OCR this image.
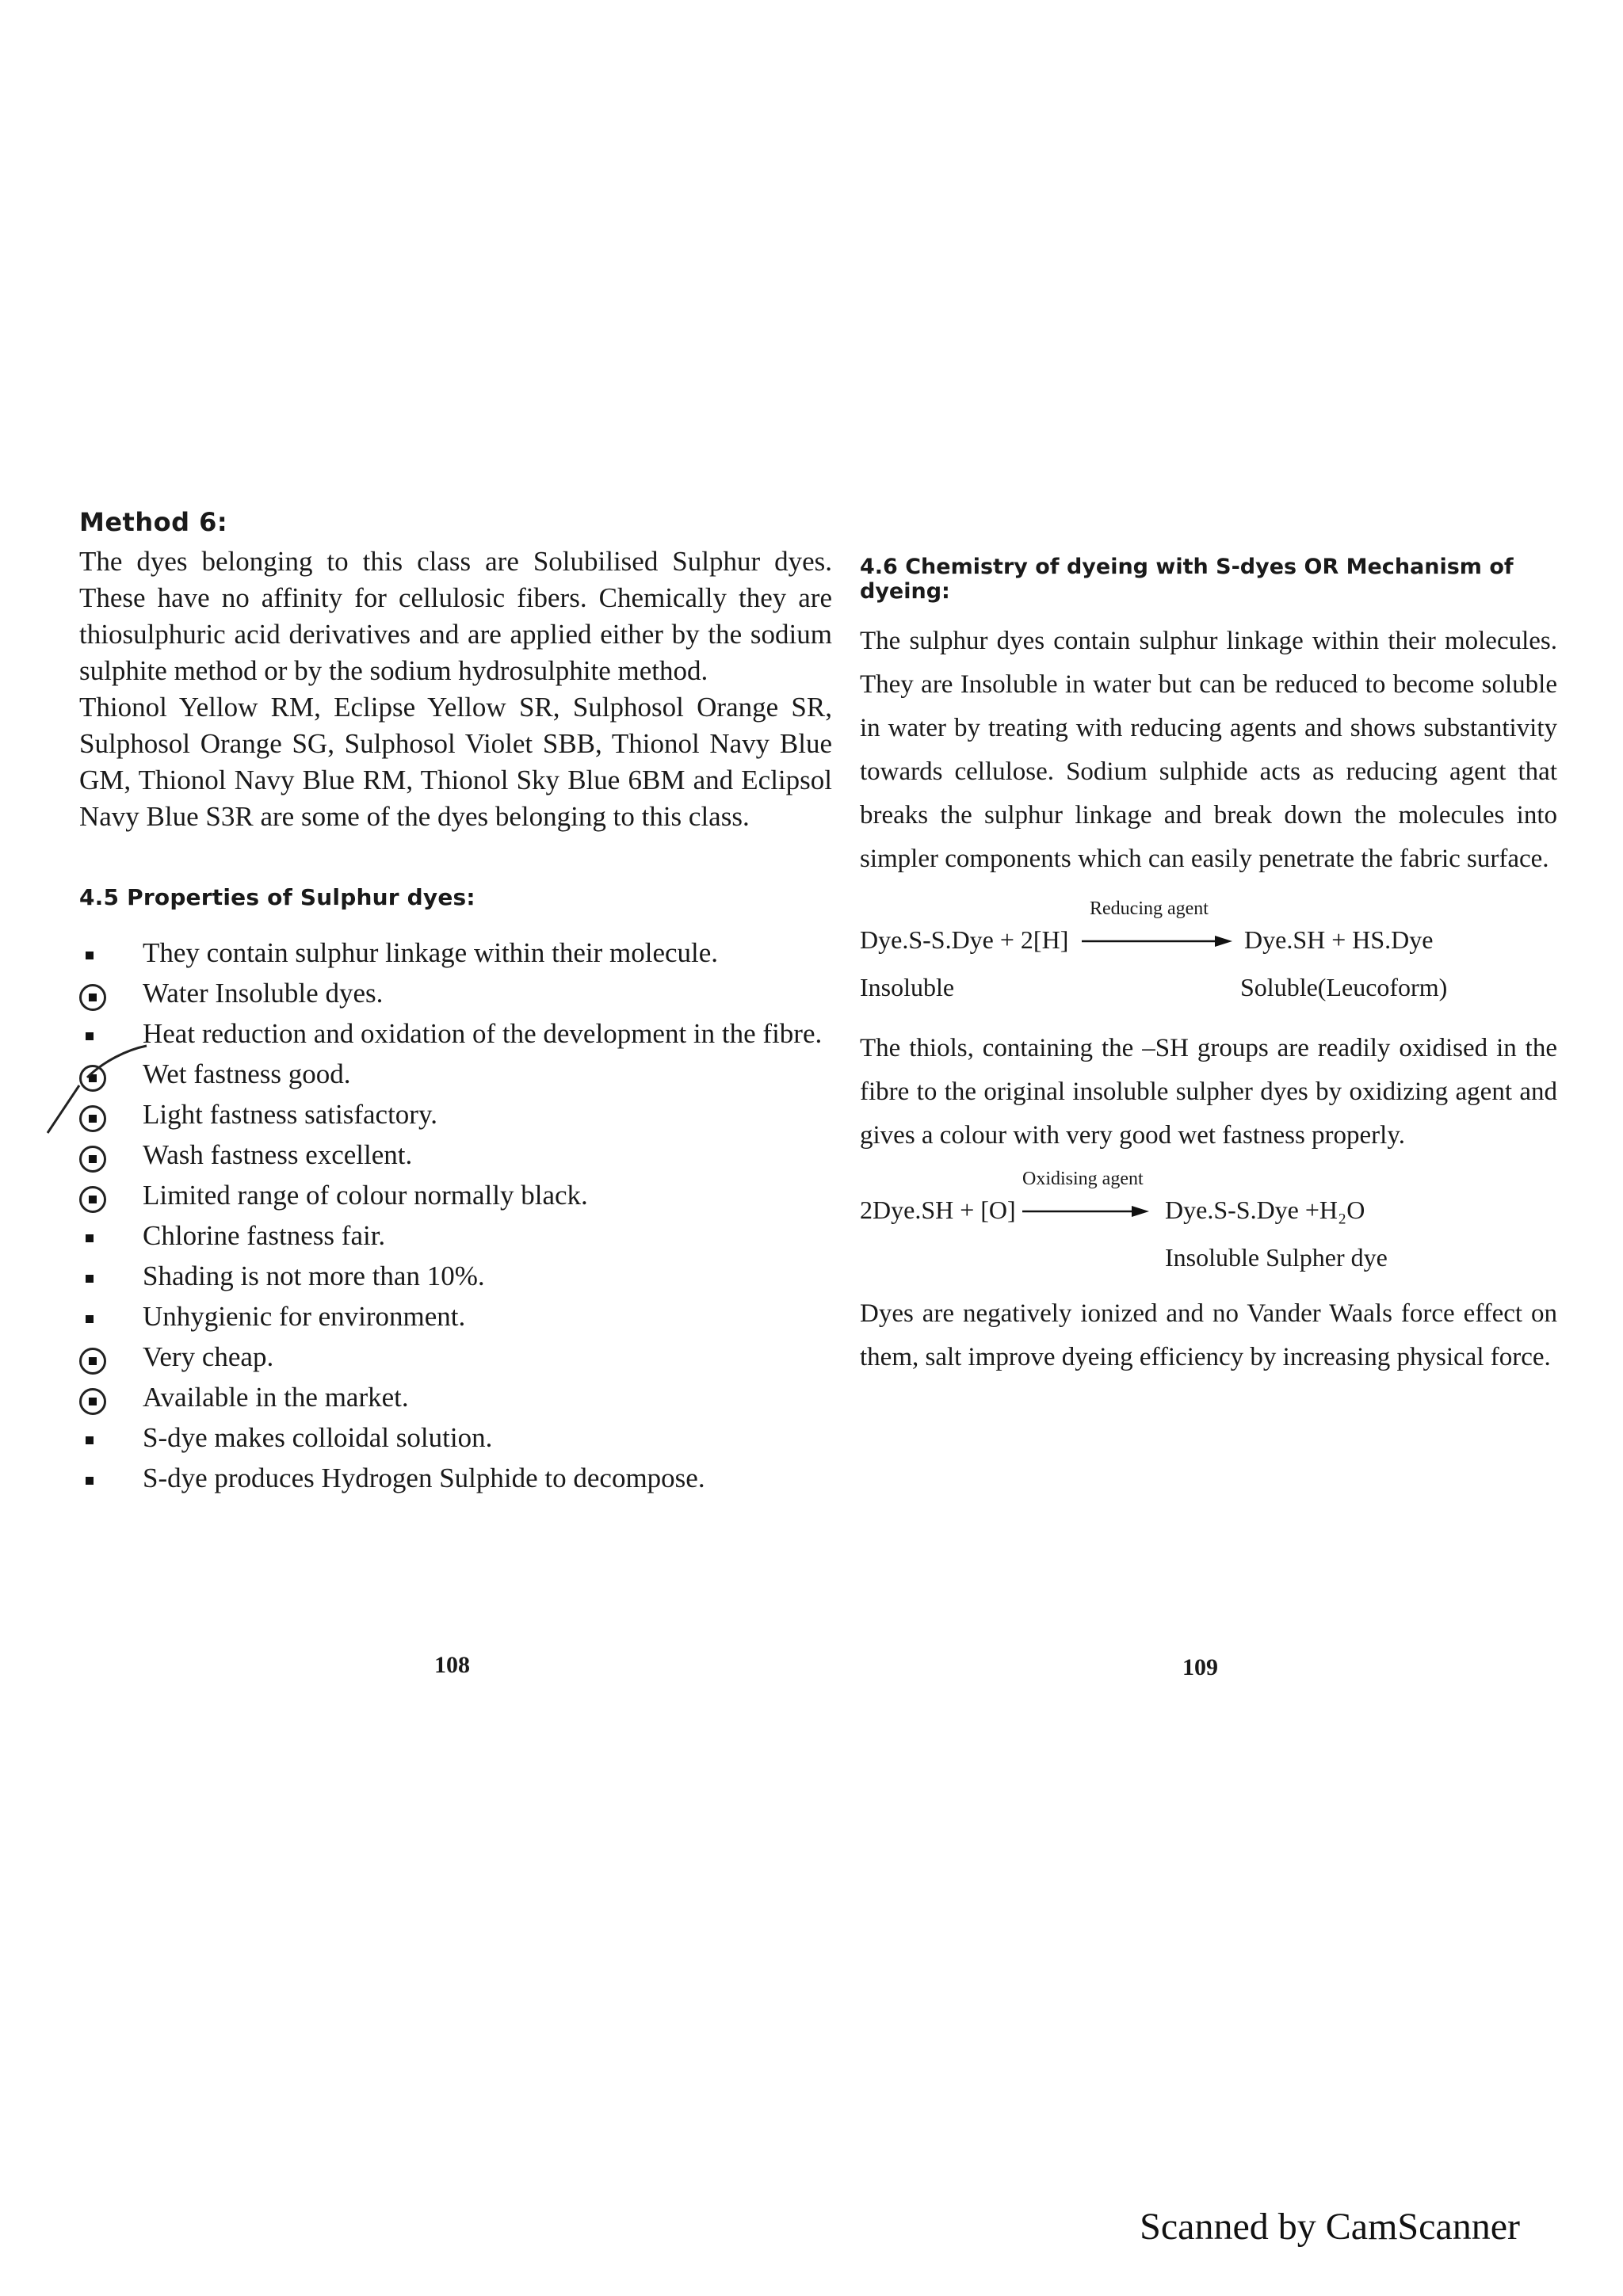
Method 6:

The dyes belonging to this class are Solubilised Sulphur dyes. These have no affinity for cellulosic fibers. Chemically they are thiosulphuric acid derivatives and are applied either by the sodium sulphite method or by the sodium hydrosulphite method.

Thionol Yellow RM, Eclipse Yellow SR, Sulphosol Orange SR, Sulphosol Orange SG, Sulphosol Violet SBB, Thionol Navy Blue GM, Thionol Navy Blue RM, Thionol Sky Blue 6BM and Eclipsol Navy Blue S3R are some of the dyes belonging to this class.

4.5 Properties of Sulphur dyes:
They contain sulphur linkage within their molecule.
Water Insoluble dyes.
Heat reduction and oxidation of the development in the fibre.
Wet fastness good.
Light fastness satisfactory.
Wash fastness excellent.
Limited range of colour normally black.
Chlorine fastness fair.
Shading is not more than 10%.
Unhygienic for environment.
Very cheap.
Available in the market.
S-dye makes colloidal solution.
S-dye produces Hydrogen Sulphide to decompose.
108
4.6 Chemistry of dyeing with S-dyes OR Mechanism of dyeing:

The sulphur dyes contain sulphur linkage within their molecules. They are Insoluble in water but can be reduced to become soluble in water by treating with reducing agents and shows substantivity towards cellulose. Sodium sulphide acts as reducing agent that breaks the sulphur linkage and break down the molecules into simpler components which can easily penetrate the fabric surface.

Reducing agent
Dye.S-S.Dye + 2[H]	Dye.SH + HS.Dye
Insoluble	Soluble(Leucoform)

The thiols, containing the –SH groups are readily oxidised in the fibre to the original insoluble sulpher dyes by oxidizing agent and gives a colour with very good wet fastness properly.

Oxidising agent
2Dye.SH + [O]	Dye.S-S.Dye +H₂O
Insoluble Sulpher dye

Dyes are negatively ionized and no Vander Waals force effect on them, salt improve dyeing efficiency by increasing physical force.

109
Scanned by CamScanner
